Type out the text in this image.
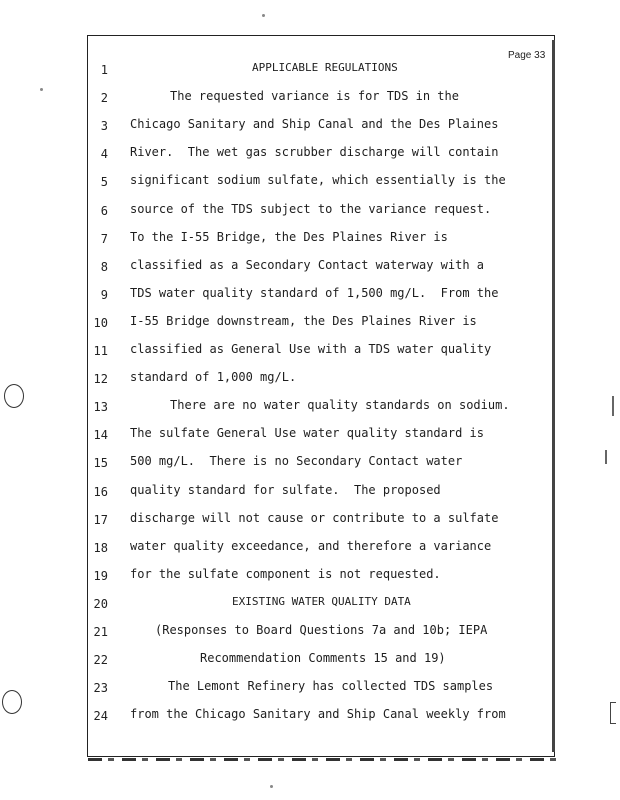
Page 33
1	APPLICABLE REGULATIONS
2	The requested variance is for TDS in the
3 Chicago Sanitary and Ship Canal and the Des Plaines
4 River.  The wet gas scrubber discharge will contain
5 significant sodium sulfate, which essentially is the
6 source of the TDS subject to the variance request.
7 To the I-55 Bridge, the Des Plaines River is
8 classified as a Secondary Contact waterway with a
9 TDS water quality standard of 1,500 mg/L.  From the
10 I-55 Bridge downstream, the Des Plaines River is
11 classified as General Use with a TDS water quality
12 standard of 1,000 mg/L.
13	There are no water quality standards on sodium.
14 The sulfate General Use water quality standard is
15 500 mg/L.  There is no Secondary Contact water
16 quality standard for sulfate.  The proposed
17 discharge will not cause or contribute to a sulfate
18 water quality exceedance, and therefore a variance
19 for the sulfate component is not requested.
20	EXISTING WATER QUALITY DATA
21	(Responses to Board Questions 7a and 10b; IEPA
22	Recommendation Comments 15 and 19)
23	The Lemont Refinery has collected TDS samples
24 from the Chicago Sanitary and Ship Canal weekly from
